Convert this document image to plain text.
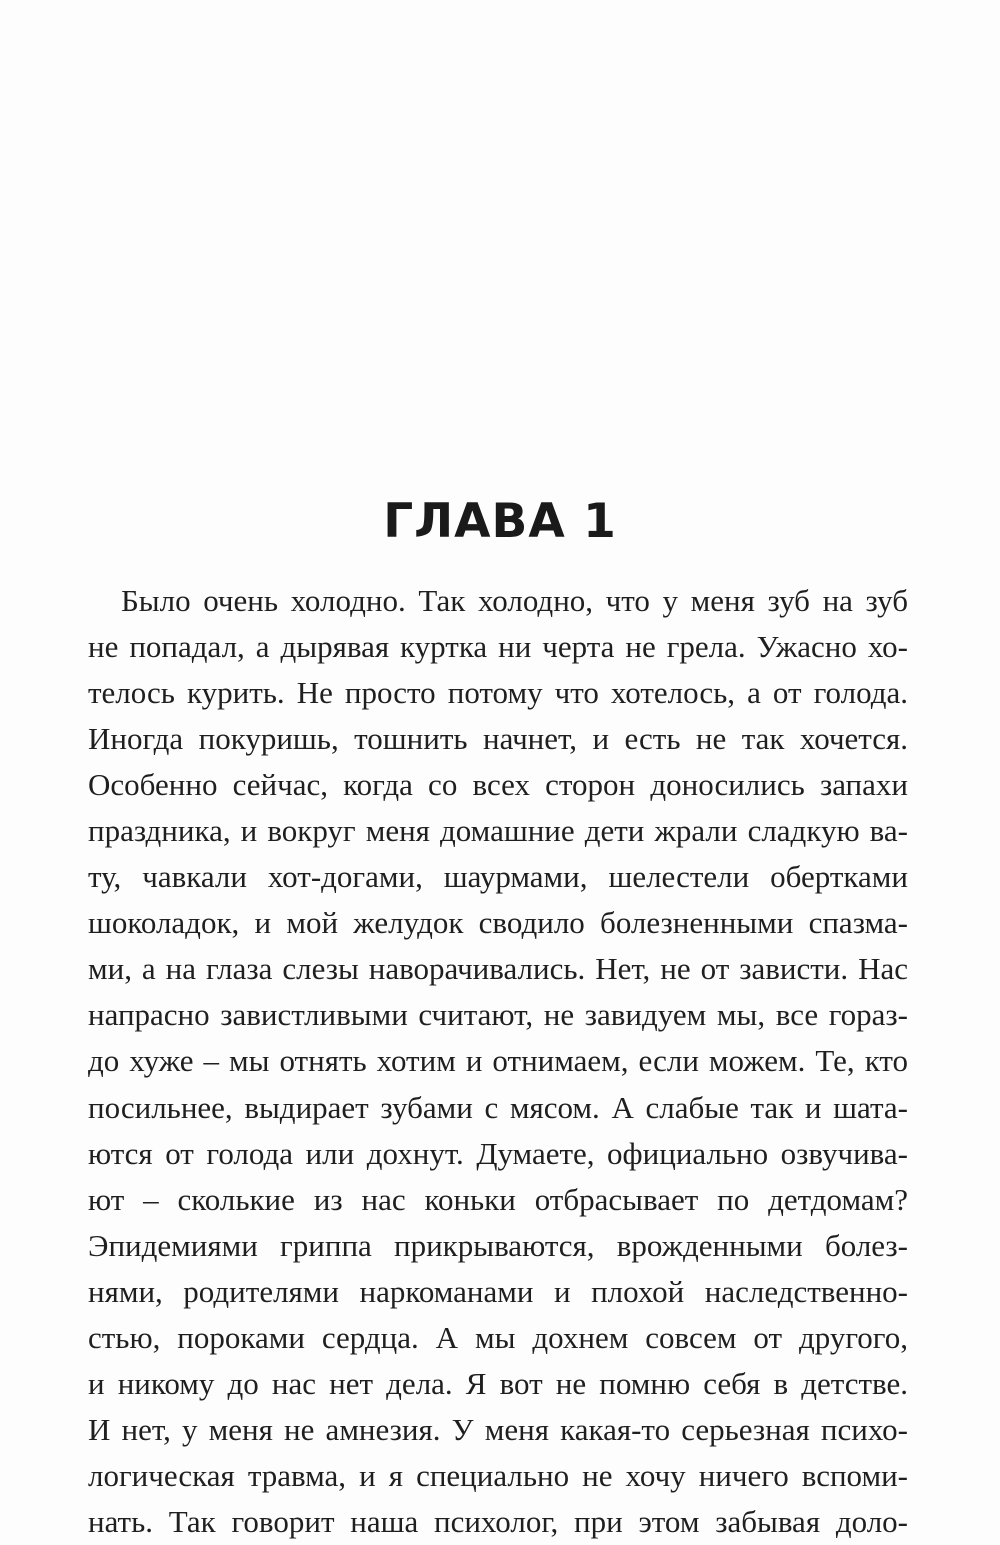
ГЛАВА 1
Было очень холодно. Так холодно, что у меня зуб на зуб
не попадал, а дырявая куртка ни черта не грела. Ужасно хо-
телось курить. Не просто потому что хотелось, а от голода.
Иногда покуришь, тошнить начнет, и есть не так хочется.
Особенно сейчас, когда со всех сторон доносились запахи
праздника, и вокруг меня домашние дети жрали сладкую ва-
ту, чавкали хот-догами, шаурмами, шелестели обертками
шоколадок, и мой желудок сводило болезненными спазма-
ми, а на глаза слезы наворачивались. Нет, не от зависти. Нас
напрасно завистливыми считают, не завидуем мы, все гораз-
до хуже – мы отнять хотим и отнимаем, если можем. Те, кто
посильнее, выдирает зубами с мясом. А слабые так и шата-
ются от голода или дохнут. Думаете, официально озвучива-
ют – сколькие из нас коньки отбрасывает по детдомам?
Эпидемиями гриппа прикрываются, врожденными болез-
нями, родителями наркоманами и плохой наследственно-
стью, пороками сердца. А мы дохнем совсем от другого,
и никому до нас нет дела. Я вот не помню себя в детстве.
И нет, у меня не амнезия. У меня какая-то серьезная психо-
логическая травма, и я специально не хочу ничего вспоми-
нать. Так говорит наша психолог, при этом забывая доло-
